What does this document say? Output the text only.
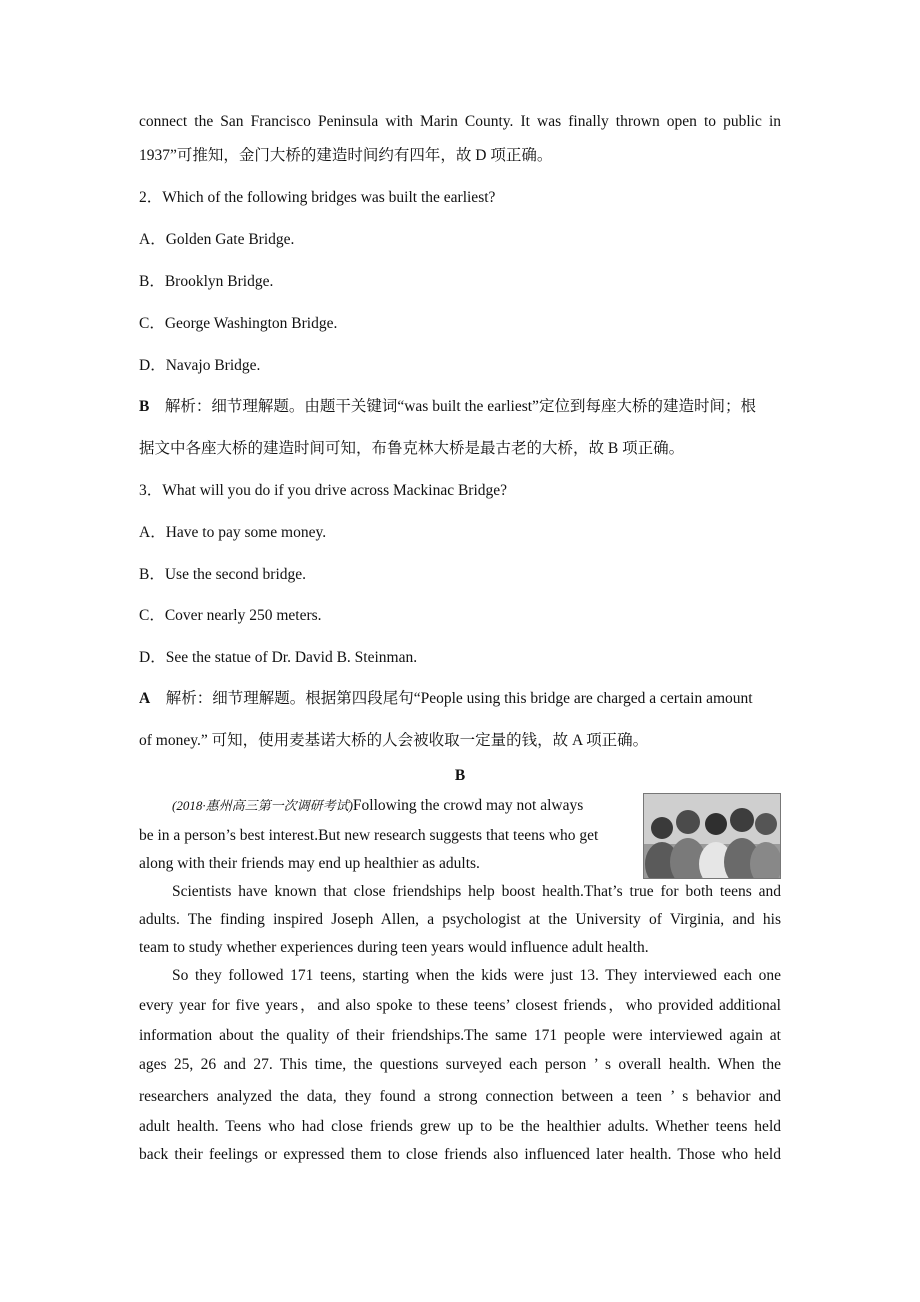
connect the San Francisco Peninsula with Marin County. It was finally thrown open to public in
1937”可推知，金门大桥的建造时间约有四年，故 D 项正确。
2．Which of the following bridges was built the earliest?
A．Golden Gate Bridge.
B．Brooklyn Bridge.
C．George Washington Bridge.
D．Navajo Bridge.
B 解析：细节理解题。由题干关键词“was built the earliest”定位到每座大桥的建造时间；根
据文中各座大桥的建造时间可知，布鲁克林大桥是最古老的大桥，故 B 项正确。
3．What will you do if you drive across Mackinac Bridge?
A．Have to pay some money.
B．Use the second bridge.
C．Cover nearly 250 meters.
D．See the statue of Dr. David B. Steinman.
A 解析：细节理解题。根据第四段尾句“People using this bridge are charged a certain amount
of money.” 可知，使用麦基诺大桥的人会被收取一定量的钱，故 A 项正确。
B
(2018·惠州高三第一次调研考试)Following the crowd may not always
be in a person’s best interest.But new research suggests that teens who get
along with their friends may end up healthier as adults.
Scientists have known that close friendships help boost health.That’s true for both teens and
adults. The finding inspired Joseph Allen, a psychologist at the University of Virginia, and his
team to study whether experiences during teen years would influence adult health.
So they followed 171 teens, starting when the kids were just 13. They interviewed each one
every year for five years，and also spoke to these teens’ closest friends，who provided additional
information about the quality of their friendships.The same 171 people were interviewed again at
ages 25, 26 and 27. This time, the questions surveyed each person ’ s overall health. When the
researchers analyzed the data, they found a strong connection between a teen ’ s behavior and
adult health. Teens who had close friends grew up to be the healthier adults. Whether teens held
back their feelings or expressed them to close friends also influenced later health. Those who held
